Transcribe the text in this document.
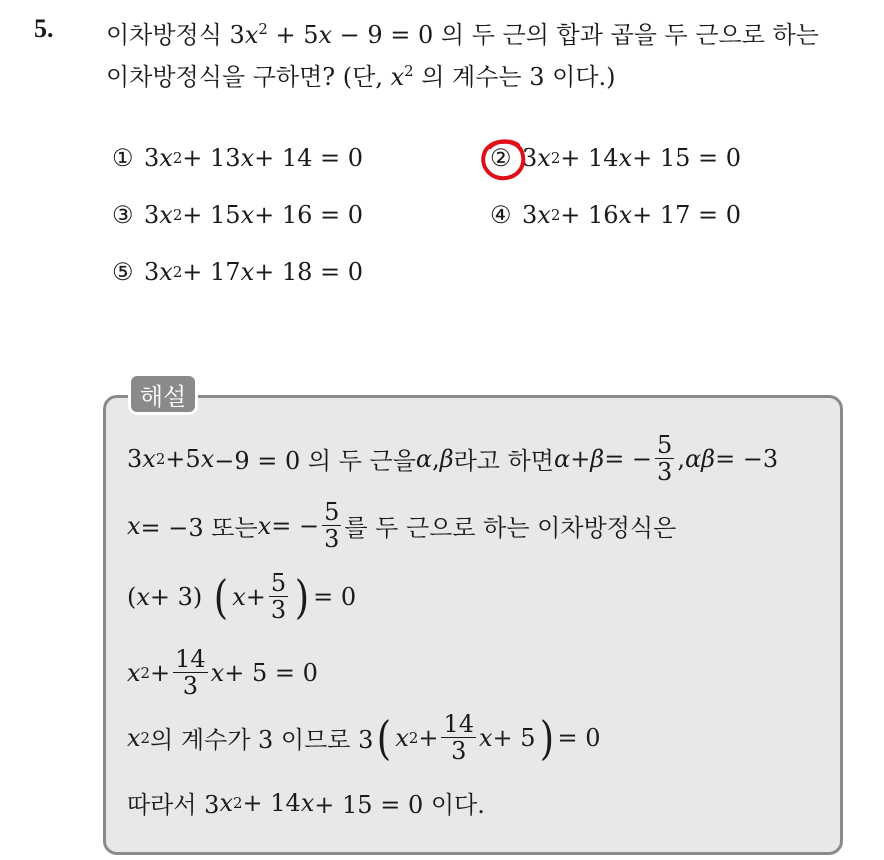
5. 이차방정식 $3x^2 + 5x - 9 = 0$ 의 두 근의 합과 곱을 두 근으로 하는
이차방정식을 구하면? (단, $x^2$ 의 계수는 3 이다.)
① 3 x 2 + 13 x + 14 = 0	② 3 x 2 + 14 x + 15 = 0
③ 3 x 2 + 15 x + 16 = 0	④ 3 x 2 + 16 x + 17 = 0
⑤ 3 x 2 + 17 x + 18 = 0
해설
3 x 2 +5 x −9 = 0 의 두 근을 α , β 라고 하면 α+β = − $\frac{5}{3}$ , αβ = −3
x = −3 또는 x = − $\frac{5}{3}$ 를 두 근으로 하는 이차방정식은
( x + 3) ( $x + \frac{5}{3}$ ) = 0
x $2 + \frac{14}{3}$ x + 5 = 0
x 2 의 계수가 3 이므로 3 ( x $2 + \frac{14}{3}$ x + 5 ) = 0
따라서 3 x 2 + 14 x + 15 = 0 이다.
